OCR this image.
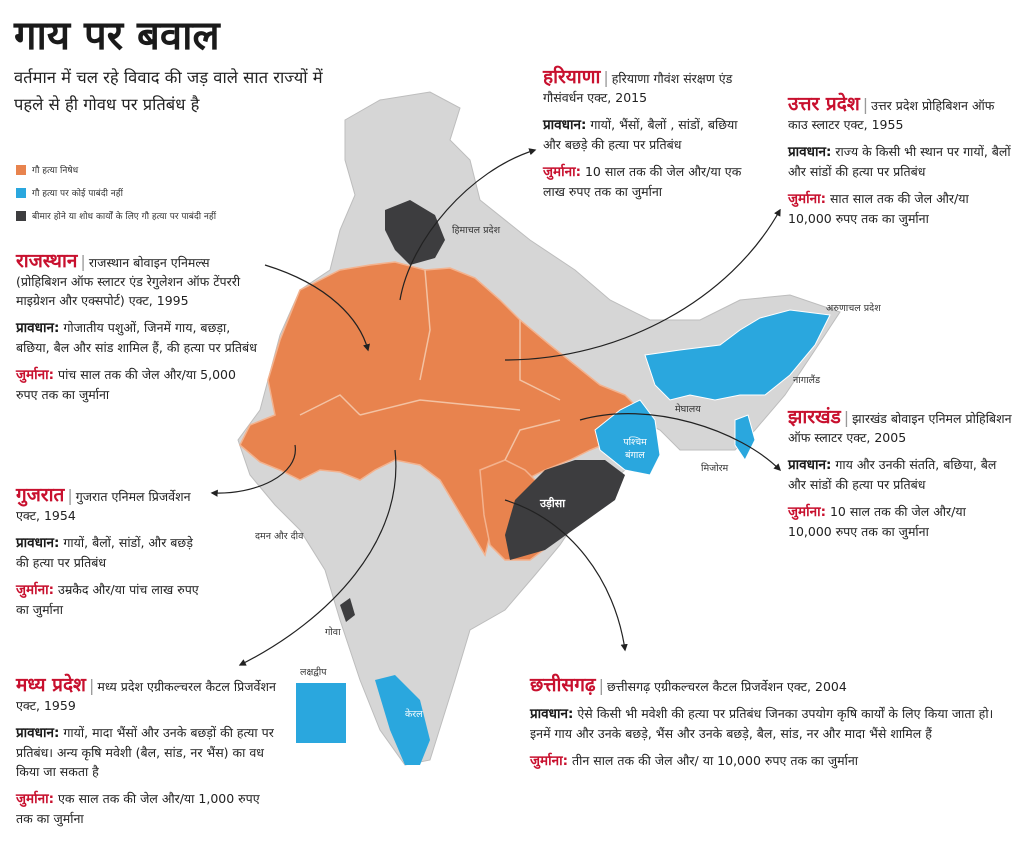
गाय पर बवाल

वर्तमान में चल रहे विवाद की जड़ वाले सात राज्यों में पहले से ही गोवध पर प्रतिबंध है

गौ हत्या निषेध
गौ हत्या पर कोई पाबंदी नहीं
बीमार होने या शोध कार्यों के लिए गौ हत्या पर पाबंदी नहीं
हिमाचल प्रदेश
अरुणाचल प्रदेश
नागालैंड
मेघालय
मिजोरम
पश्चिम बंगाल
उड़ीसा
दमन और दीव
गोवा
लक्षद्वीप
केरल

हरियाणा | हरियाणा गौवंश संरक्षण एंड गौसंवर्धन एक्ट, 2015

प्रावधान: गायों, भैंसों, बैलों , सांडों, बछिया और बछड़े की हत्या पर प्रतिबंध

जुर्माना: 10 साल तक की जेल और/या एक लाख रुपए तक का जुर्माना

उत्तर प्रदेश | उत्तर प्रदेश प्रोहिबिशन ऑफ काउ स्लाटर एक्ट, 1955

प्रावधान: राज्य के किसी भी स्थान पर गायों, बैलों और सांडों की हत्या पर प्रतिबंध

जुर्माना: सात साल तक की जेल और/या 10,000 रुपए तक का जुर्माना

राजस्थान | राजस्थान बोवाइन एनिमल्स (प्रोहिबिशन ऑफ स्लाटर एंड रेगुलेशन ऑफ टेंपररी माइग्रेशन और एक्सपोर्ट) एक्ट, 1995

प्रावधान: गोजातीय पशुओं, जिनमें गाय, बछड़ा, बछिया, बैल और सांड शामिल हैं, की हत्या पर प्रतिबंध

जुर्माना: पांच साल तक की जेल और/या 5,000 रुपए तक का जुर्माना

गुजरात | गुजरात एनिमल प्रिजर्वेशन एक्ट, 1954

प्रावधान: गायों, बैलों, सांडों, और बछड़े की हत्या पर प्रतिबंध

जुर्माना: उम्रकैद और/या पांच लाख रुपए का जुर्माना

मध्य प्रदेश | मध्य प्रदेश एग्रीकल्चरल कैटल प्रिजर्वेशन एक्ट, 1959

प्रावधान: गायों, मादा भैंसों और उनके बछड़ों की हत्या पर प्रतिबंध। अन्य कृषि मवेशी (बैल, सांड, नर भैंस) का वध किया जा सकता है

जुर्माना: एक साल तक की जेल और/या 1,000 रुपए तक का जुर्माना

झारखंड | झारखंड बोवाइन एनिमल प्रोहिबिशन ऑफ स्लाटर एक्ट, 2005

प्रावधान: गाय और उनकी संतति, बछिया, बैल और सांडों की हत्या पर प्रतिबंध

जुर्माना: 10 साल तक की जेल और/या 10,000 रुपए तक का जुर्माना

छत्तीसगढ़ | छत्तीसगढ़ एग्रीकल्चरल कैटल प्रिजर्वेशन एक्ट, 2004

प्रावधान: ऐसे किसी भी मवेशी की हत्या पर प्रतिबंध जिनका उपयोग कृषि कार्यों के लिए किया जाता हो। इनमें गाय और उनके बछड़े, भैंस और उनके बछड़े, बैल, सांड, नर और मादा भैंसे शामिल हैं

जुर्माना: तीन साल तक की जेल और/ या 10,000 रुपए तक का जुर्माना
